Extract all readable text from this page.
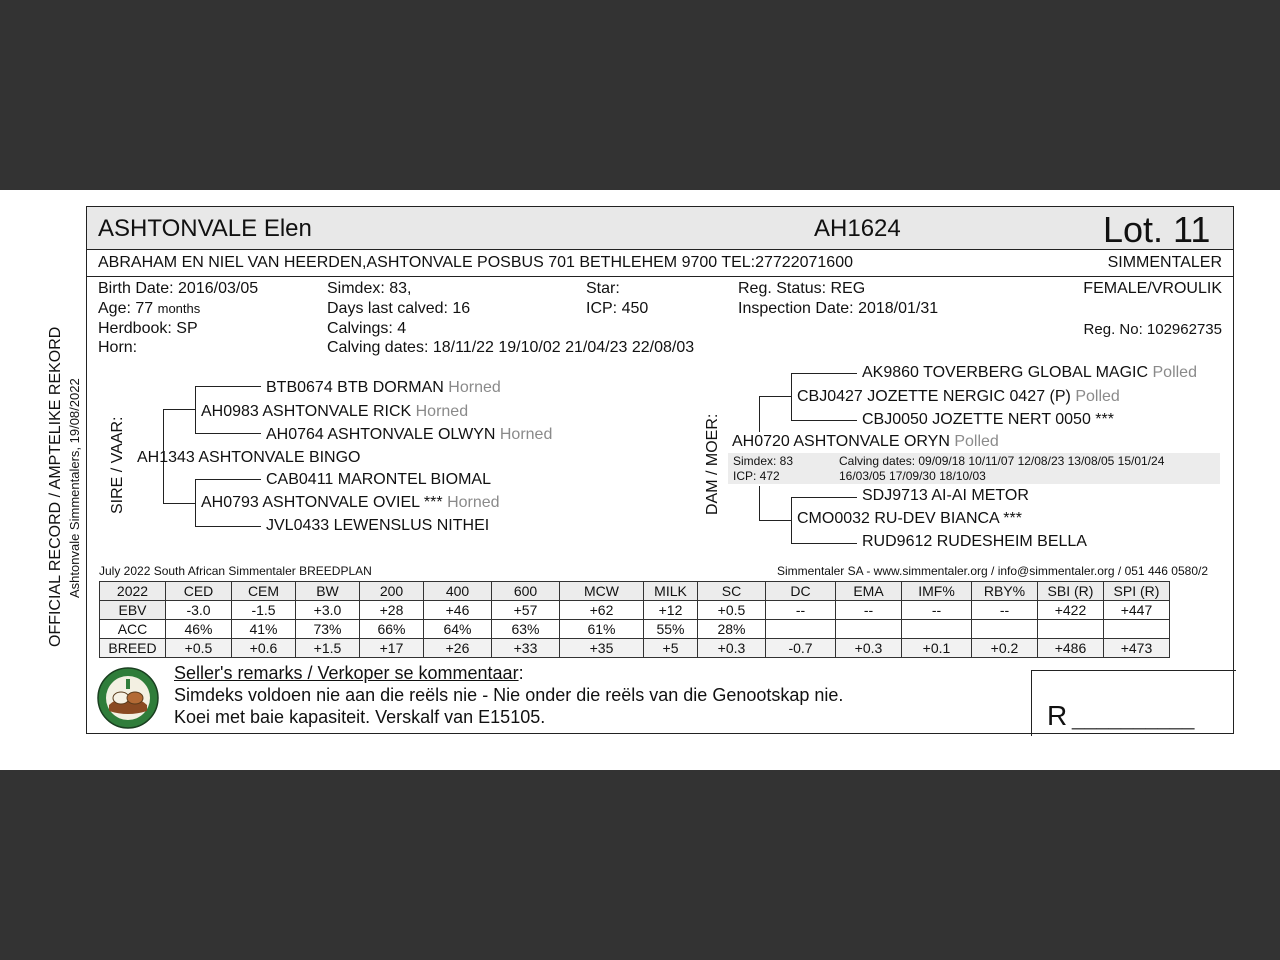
ASHTONVALE Elen	AH1624	Lot. 11
ABRAHAM EN NIEL VAN HEERDEN,ASHTONVALE POSBUS 701 BETHLEHEM 9700 TEL:27722071600	SIMMENTALER
Birth Date: 2016/03/05
Age: 77 months
Herdbook: SP
Horn:
Simdex: 83,
Days last calved: 16
Calvings: 4
Calving dates: 18/11/22 19/10/02 21/04/23 22/08/03
Star:
ICP: 450
Reg. Status: REG
Inspection Date: 2018/01/31
FEMALE/VROULIK
Reg. No: 102962735
OFFICIAL RECORD / AMPTELIKE REKORD Ashtonvale Simmentalers, 19/08/2022 SIRE / VAAR:	DAM / MOER:
BTB0674 BTB DORMAN Horned
AH0983 ASHTONVALE RICK Horned
AH0764 ASHTONVALE OLWYN Horned
AH1343 ASHTONVALE BINGO
CAB0411 MARONTEL BIOMAL
AH0793 ASHTONVALE OVIEL *** Horned
JVL0433 LEWENSLUS NITHEI
AK9860 TOVERBERG GLOBAL MAGIC Polled
CBJ0427 JOZETTE NERGIC 0427 (P) Polled
CBJ0050 JOZETTE NERT 0050 ***
AH0720 ASHTONVALE ORYN Polled
Simdex: 83
ICP: 472
Calving dates: 09/09/18 10/11/07 12/08/23 13/08/05 15/01/24
16/03/05 17/09/30 18/10/03
SDJ9713 AI-AI METOR
CMO0032 RU-DEV BIANCA ***
RUD9612 RUDESHEIM BELLA
July 2022 South African Simmentaler BREEDPLAN	Simmentaler SA - www.simmentaler.org / info@simmentaler.org / 051 446 0580/2
2022	CED	CEM	BW	200	400	600	MCW	MILK	SC	DC	EMA	IMF%	RBY%	SBI (R)	SPI (R)
EBV	-3.0	-1.5	+3.0	+28	+46	+57	+62	+12	+0.5	--	--	--	--	+422	+447
ACC	46%	41%	73%	66%	64%	63%	61%	55%	28%						
BREED	+0.5	+0.6	+1.5	+17	+26	+33	+35	+5	+0.3	-0.7	+0.3	+0.1	+0.2	+486	+473
Seller's remarks / Verkoper se kommentaar:
Simdeks voldoen nie aan die reëls nie - Nie onder die reëls van die Genootskap nie.
Koei met baie kapasiteit. Verskalf van E15105.	R __________
